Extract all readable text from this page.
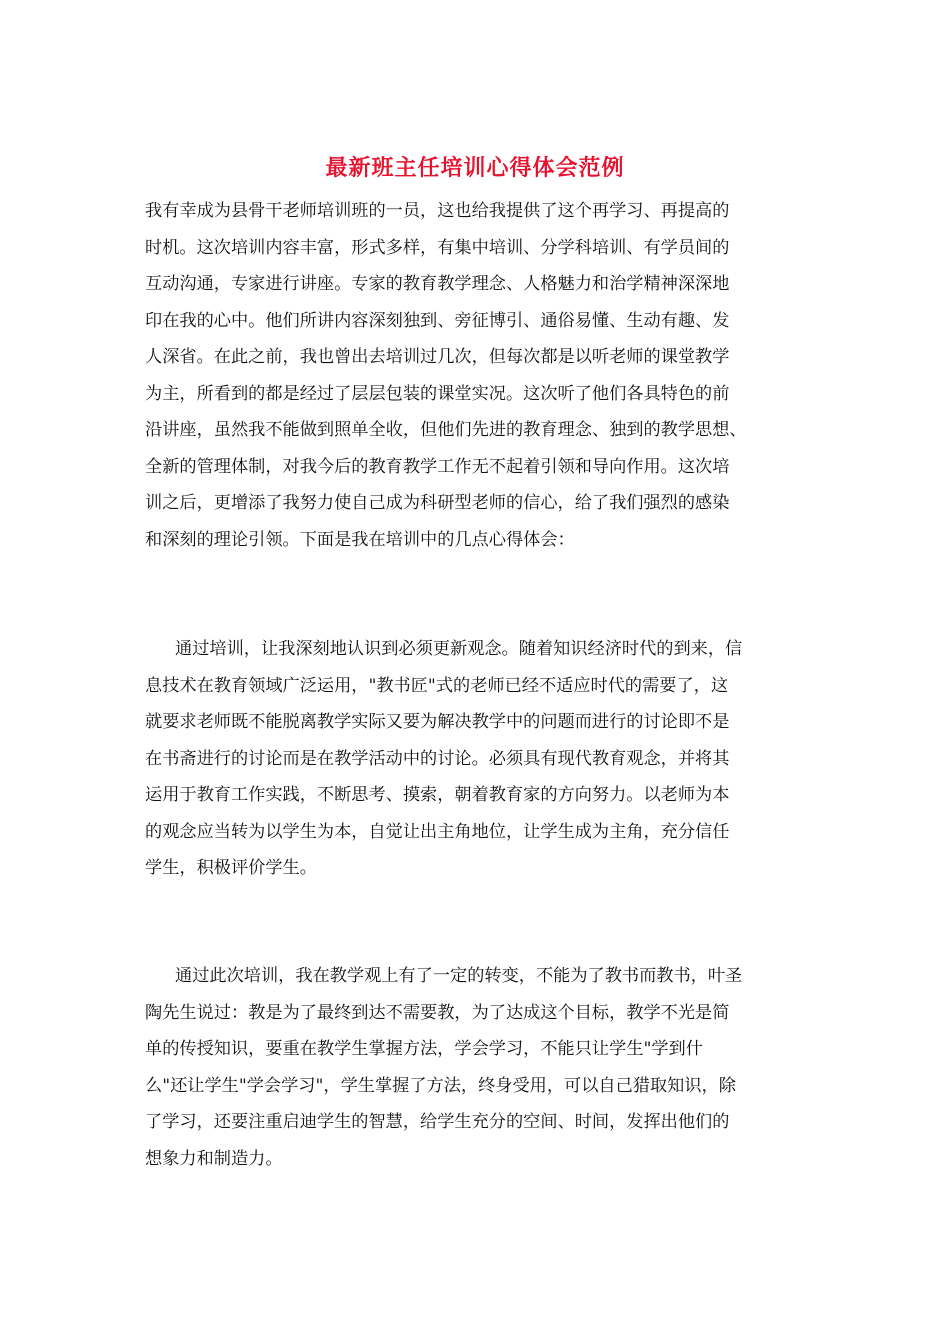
最新班主任培训心得体会范例
我有幸成为县骨干老师培训班的一员，这也给我提供了这个再学习、再提高的
时机。这次培训内容丰富，形式多样，有集中培训、分学科培训、有学员间的
互动沟通，专家进行讲座。专家的教育教学理念、人格魅力和治学精神深深地
印在我的心中。他们所讲内容深刻独到、旁征博引、通俗易懂、生动有趣、发
人深省。在此之前，我也曾出去培训过几次，但每次都是以听老师的课堂教学
为主，所看到的都是经过了层层包装的课堂实况。这次听了他们各具特色的前
沿讲座，虽然我不能做到照单全收，但他们先进的教育理念、独到的教学思想、
全新的管理体制，对我今后的教育教学工作无不起着引领和导向作用。这次培
训之后，更增添了我努力使自己成为科研型老师的信心，给了我们强烈的感染
和深刻的理论引领。下面是我在培训中的几点心得体会：
通过培训，让我深刻地认识到必须更新观念。随着知识经济时代的到来，信
息技术在教育领域广泛运用，"教书匠"式的老师已经不适应时代的需要了，这
就要求老师既不能脱离教学实际又要为解决教学中的问题而进行的讨论即不是
在书斋进行的讨论而是在教学活动中的讨论。必须具有现代教育观念，并将其
运用于教育工作实践，不断思考、摸索，朝着教育家的方向努力。以老师为本
的观念应当转为以学生为本，自觉让出主角地位，让学生成为主角，充分信任
学生，积极评价学生。
通过此次培训，我在教学观上有了一定的转变，不能为了教书而教书，叶圣
陶先生说过：教是为了最终到达不需要教，为了达成这个目标，教学不光是简
单的传授知识，要重在教学生掌握方法，学会学习，不能只让学生"学到什
么"还让学生"学会学习"，学生掌握了方法，终身受用，可以自己猎取知识，除
了学习，还要注重启迪学生的智慧，给学生充分的空间、时间，发挥出他们的
想象力和制造力。
